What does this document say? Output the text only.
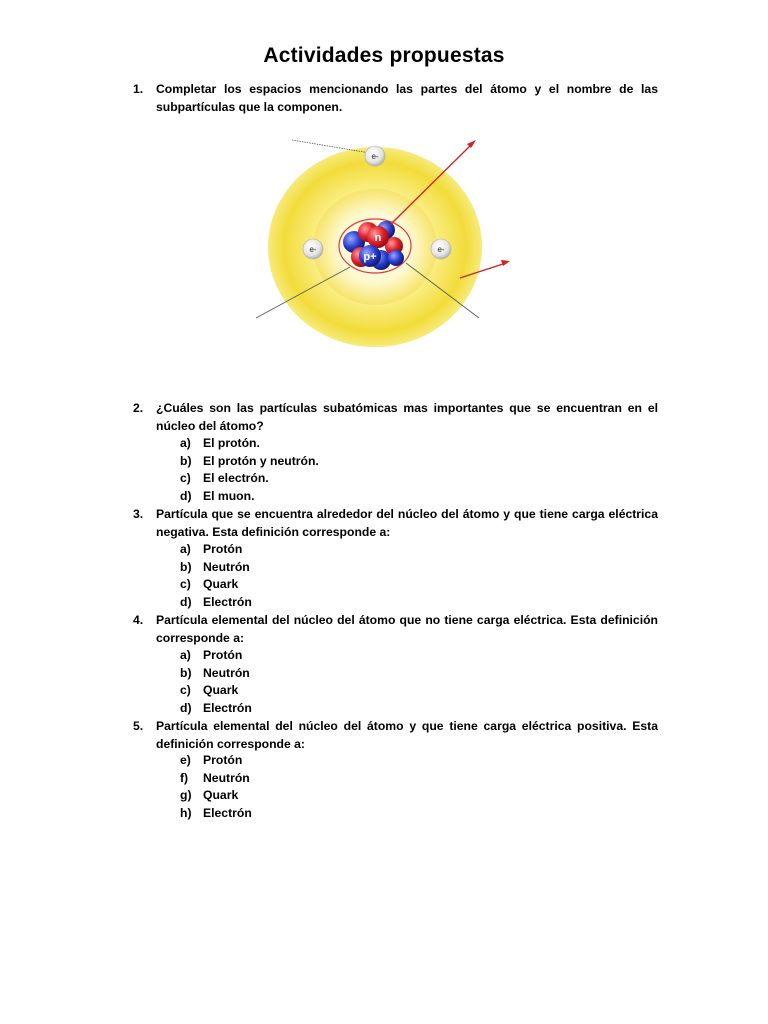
Actividades propuestas
1. Completar los espacios mencionando las partes del átomo y el nombre de las subpartículas que la componen.
n
p+
e-
e-	e-
2. ¿Cuáles son las partículas subatómicas mas importantes que se encuentran en el núcleo del átomo?
a) El protón.
b) El protón y neutrón.
c) El electrón.
d) El muon.
3. Partícula que se encuentra alrededor del núcleo del átomo y que tiene carga eléctrica negativa. Esta definición corresponde a:
a) Protón
b) Neutrón
c) Quark
d) Electrón
4. Partícula elemental del núcleo del átomo que no tiene carga eléctrica. Esta definición corresponde a:
a) Protón
b) Neutrón
c) Quark
d) Electrón
5. Partícula elemental del núcleo del átomo y que tiene carga eléctrica positiva. Esta definición corresponde a:
e) Protón
f) Neutrón
g) Quark
h) Electrón
